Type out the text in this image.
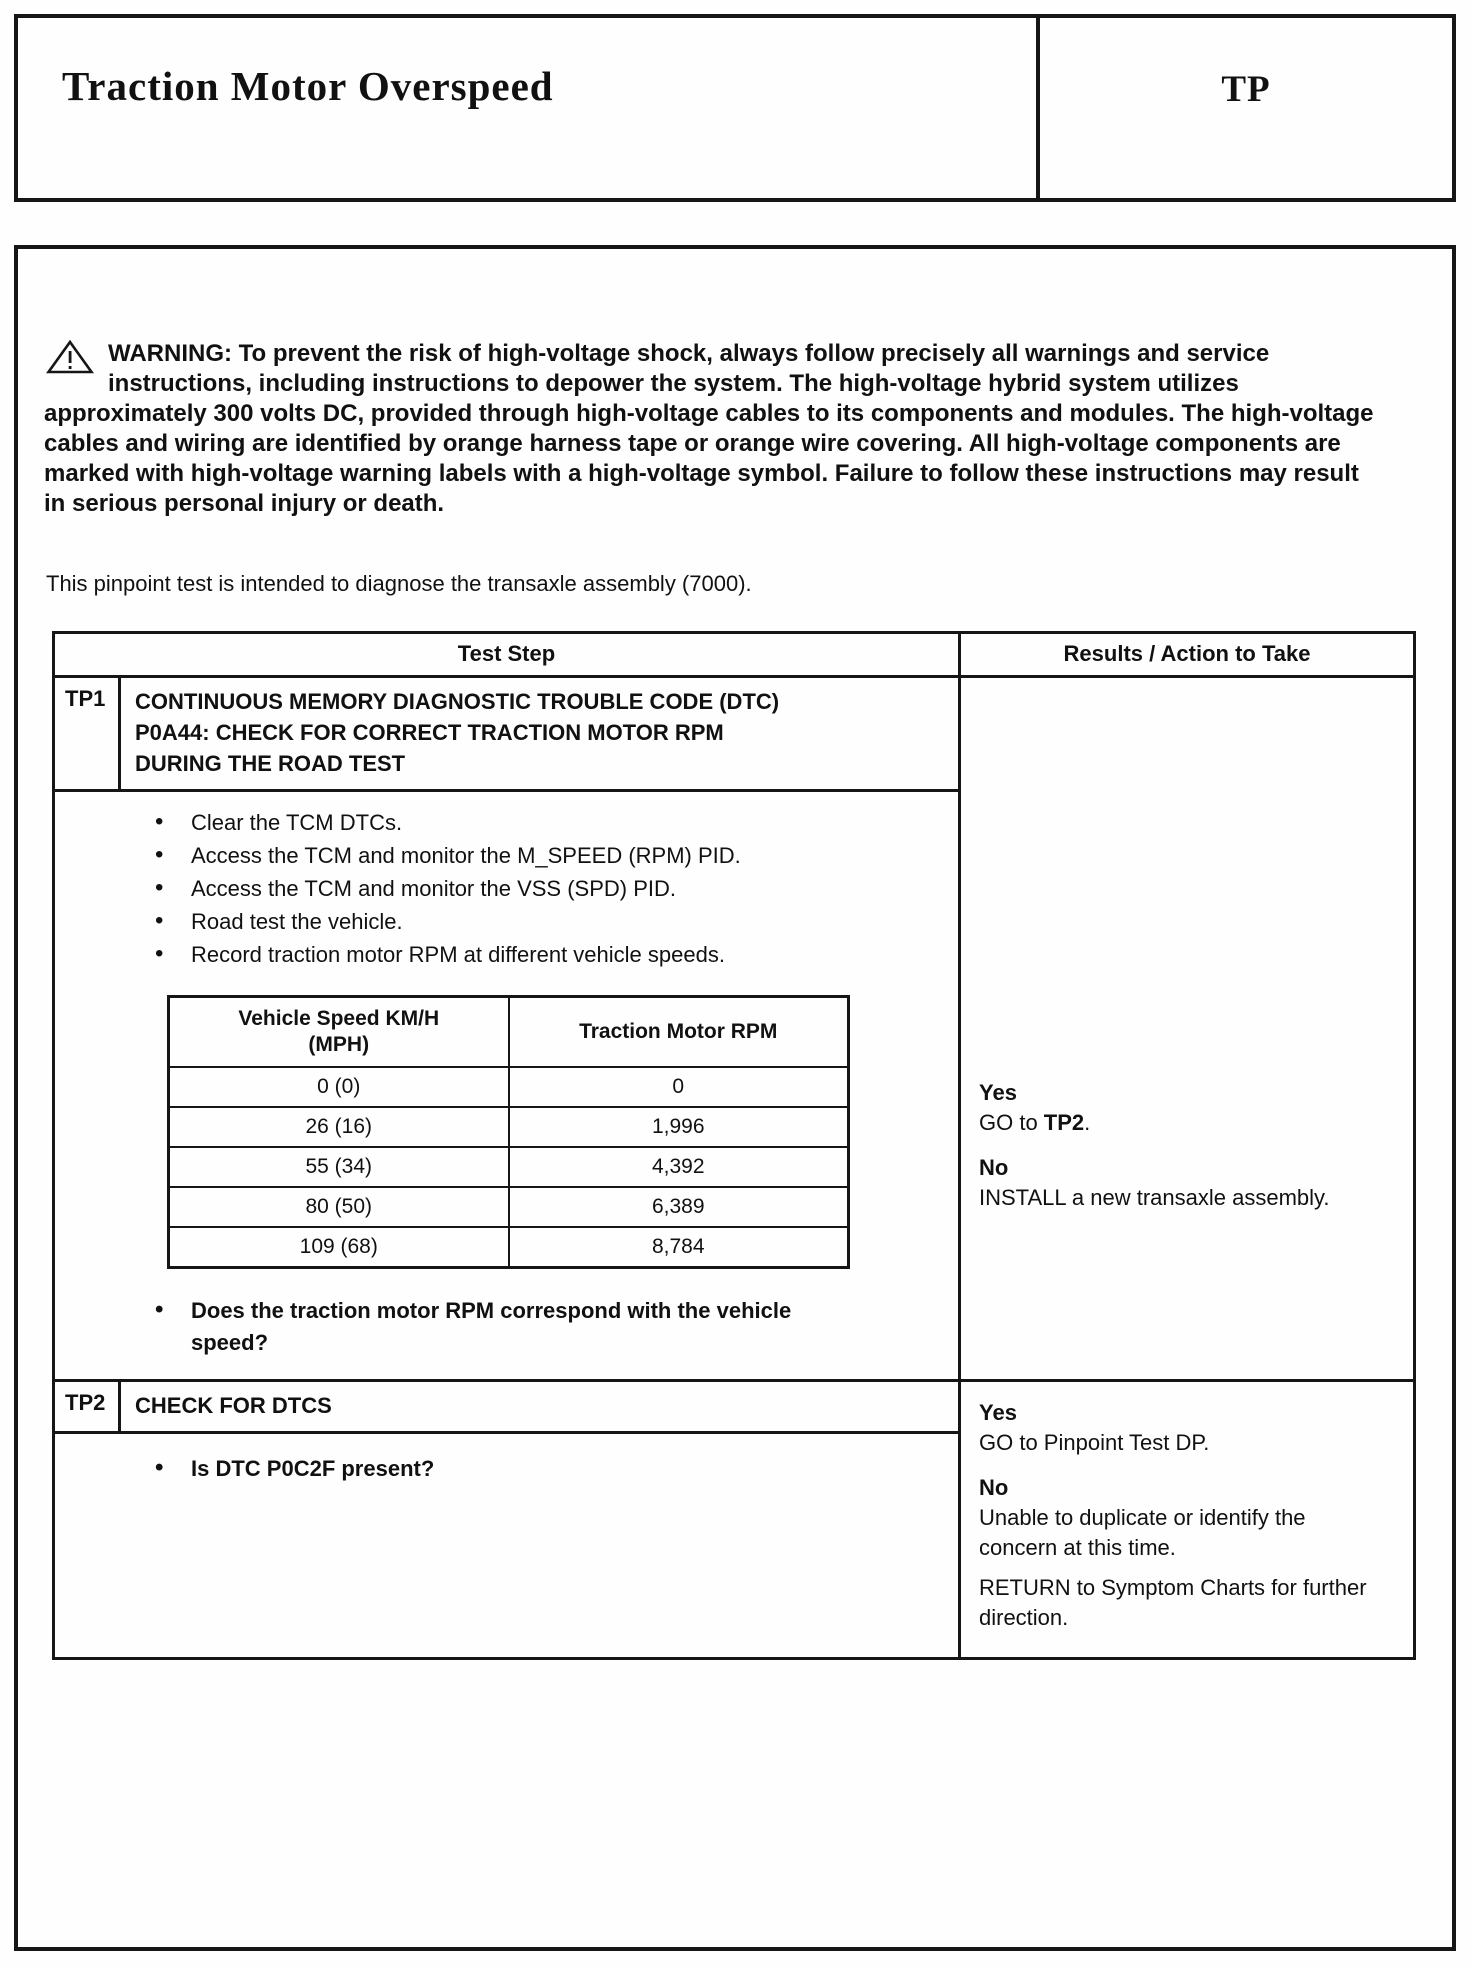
Traction Motor Overspeed	TP
WARNING: To prevent the risk of high-voltage shock, always follow precisely all warnings and service instructions, including instructions to depower the system. The high-voltage hybrid system utilizes approximately 300 volts DC, provided through high-voltage cables to its components and modules. The high-voltage cables and wiring are identified by orange harness tape or orange wire covering. All high-voltage components are marked with high-voltage warning labels with a high-voltage symbol. Failure to follow these instructions may result in serious personal injury or death.
This pinpoint test is intended to diagnose the transaxle assembly (7000).
Test Step	Results / Action to Take
TP1	CONTINUOUS MEMORY DIAGNOSTIC TROUBLE CODE (DTC) P0A44: CHECK FOR CORRECT TRACTION MOTOR RPM DURING THE ROAD TEST
• Clear the TCM DTCs.
• Access the TCM and monitor the M_SPEED (RPM) PID.
• Access the TCM and monitor the VSS (SPD) PID.
• Road test the vehicle.
• Record traction motor RPM at different vehicle speeds.
Vehicle Speed KM/H (MPH)	Traction Motor RPM
0 (0)	0
26 (16)	1,996
55 (34)	4,392
80 (50)	6,389
109 (68)	8,784
• Does the traction motor RPM correspond with the vehicle speed?
Yes
GO to TP2.
No
INSTALL a new transaxle assembly.
TP2	CHECK FOR DTCS
• Is DTC P0C2F present?
Yes
GO to Pinpoint Test DP.
No
Unable to duplicate or identify the concern at this time.
RETURN to Symptom Charts for further direction.
